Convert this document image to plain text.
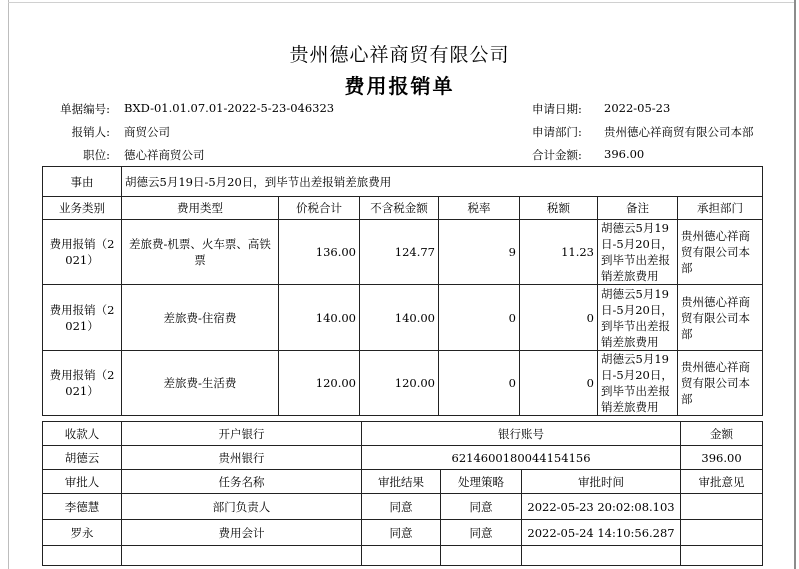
贵州德心祥商贸有限公司
费用报销单
单据编号: BXD-01.01.07.01-2022-5-23-046323	申请日期: 2022-05-23
报销人: 商贸公司	申请部门: 贵州德心祥商贸有限公司本部
职位: 德心祥商贸公司	合计金额: 396.00
事由	胡德云5月19日-5月20日，到毕节出差报销差旅费用						
业务类别	费用类型	价税合计	不含税金额	税率	税额	备注	承担部门
费用报销（2021）	差旅费-机票、火车票、高铁票	136.00	124.77	9	11.23	胡德云5月19日-5月20日，到毕节出差报销差旅费用	贵州德心祥商贸有限公司本部
费用报销（2021）	差旅费-住宿费	140.00	140.00	0	0	胡德云5月19日-5月20日，到毕节出差报销差旅费用	贵州德心祥商贸有限公司本部
费用报销（2021）	差旅费-生活费	120.00	120.00	0	0	胡德云5月19日-5月20日，到毕节出差报销差旅费用	贵州德心祥商贸有限公司本部
收款人	开户银行	银行账号			金额
胡德云	贵州银行	6214600180044154156			396.00
审批人	任务名称	审批结果	处理策略	审批时间	审批意见
李德慧	部门负责人	同意	同意	2022-05-23 20:02:08.103	
罗永	费用会计	同意	同意	2022-05-24 14:10:56.287	
